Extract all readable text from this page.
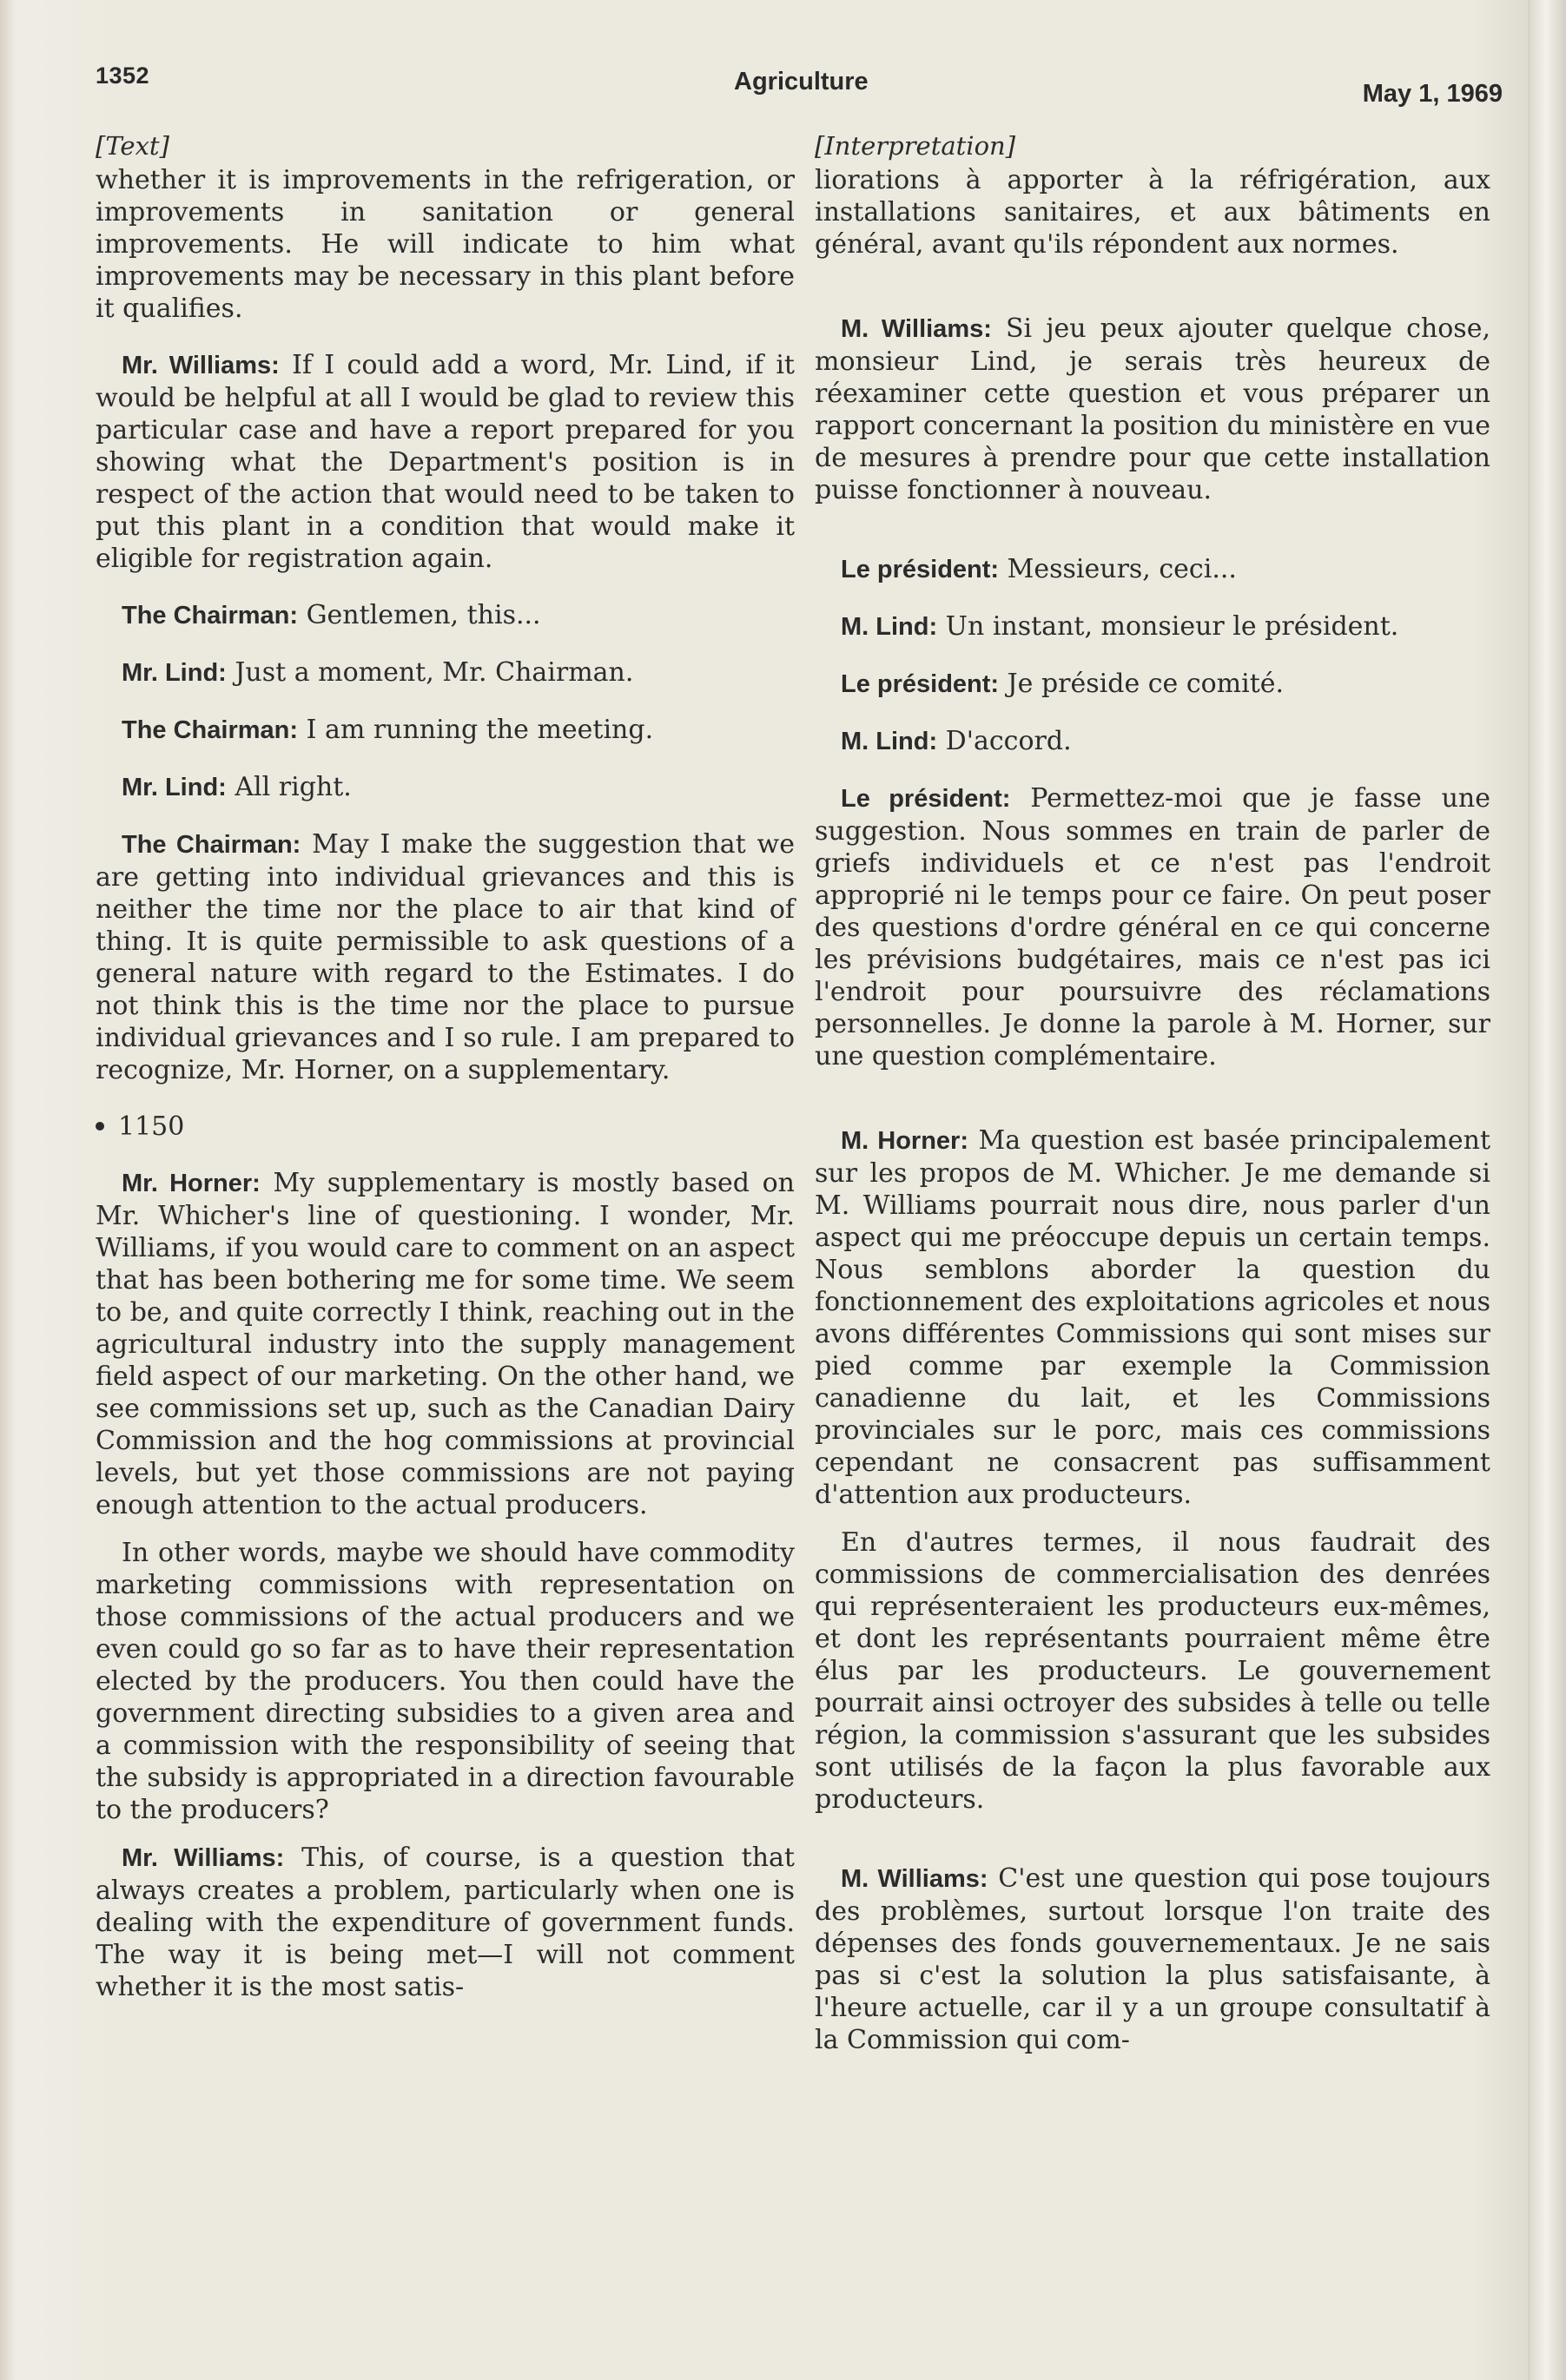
1352	Agriculture	May 1, 1969
[Text]

whether it is improvements in the refrigeration, or improvements in sanitation or general improvements. He will indicate to him what improvements may be necessary in this plant before it qualifies.

Mr. Williams: If I could add a word, Mr. Lind, if it would be helpful at all I would be glad to review this particular case and have a report prepared for you showing what the Department's position is in respect of the action that would need to be taken to put this plant in a condition that would make it eligible for registration again.

The Chairman: Gentlemen, this...

Mr. Lind: Just a moment, Mr. Chairman.

The Chairman: I am running the meeting.

Mr. Lind: All right.

The Chairman: May I make the suggestion that we are getting into individual grievances and this is neither the time nor the place to air that kind of thing. It is quite permissible to ask questions of a general nature with regard to the Estimates. I do not think this is the time nor the place to pursue individual grievances and I so rule. I am prepared to recognize, Mr. Horner, on a supplementary.

1150

Mr. Horner: My supplementary is mostly based on Mr. Whicher's line of questioning. I wonder, Mr. Williams, if you would care to comment on an aspect that has been bothering me for some time. We seem to be, and quite correctly I think, reaching out in the agricultural industry into the supply management field aspect of our marketing. On the other hand, we see commissions set up, such as the Canadian Dairy Commission and the hog commissions at provincial levels, but yet those commissions are not paying enough attention to the actual producers.

In other words, maybe we should have commodity marketing commissions with representation on those commissions of the actual producers and we even could go so far as to have their representation elected by the producers. You then could have the government directing subsidies to a given area and a commission with the responsibility of seeing that the subsidy is appropriated in a direction favourable to the producers?

Mr. Williams: This, of course, is a question that always creates a problem, particularly when one is dealing with the expenditure of government funds. The way it is being met—I will not comment whether it is the most satis-

[Interpretation]

liorations à apporter à la réfrigération, aux installations sanitaires, et aux bâtiments en général, avant qu'ils répondent aux normes.

M. Williams: Si jeu peux ajouter quelque chose, monsieur Lind, je serais très heureux de réexaminer cette question et vous préparer un rapport concernant la position du ministère en vue de mesures à prendre pour que cette installation puisse fonctionner à nouveau.

Le président: Messieurs, ceci...

M. Lind: Un instant, monsieur le président.

Le président: Je préside ce comité.

M. Lind: D'accord.

Le président: Permettez-moi que je fasse une suggestion. Nous sommes en train de parler de griefs individuels et ce n'est pas l'endroit approprié ni le temps pour ce faire. On peut poser des questions d'ordre général en ce qui concerne les prévisions budgétaires, mais ce n'est pas ici l'endroit pour poursuivre des réclamations personnelles. Je donne la parole à M. Horner, sur une question complémentaire.

M. Horner: Ma question est basée principalement sur les propos de M. Whicher. Je me demande si M. Williams pourrait nous dire, nous parler d'un aspect qui me préoccupe depuis un certain temps. Nous semblons aborder la question du fonctionnement des exploitations agricoles et nous avons différentes Commissions qui sont mises sur pied comme par exemple la Commission canadienne du lait, et les Commissions provinciales sur le porc, mais ces commissions cependant ne consacrent pas suffisamment d'attention aux producteurs.

En d'autres termes, il nous faudrait des commissions de commercialisation des denrées qui représenteraient les producteurs eux-mêmes, et dont les représentants pourraient même être élus par les producteurs. Le gouvernement pourrait ainsi octroyer des subsides à telle ou telle région, la commission s'assurant que les subsides sont utilisés de la façon la plus favorable aux producteurs.

M. Williams: C'est une question qui pose toujours des problèmes, surtout lorsque l'on traite des dépenses des fonds gouvernementaux. Je ne sais pas si c'est la solution la plus satisfaisante, à l'heure actuelle, car il y a un groupe consultatif à la Commission qui com-
